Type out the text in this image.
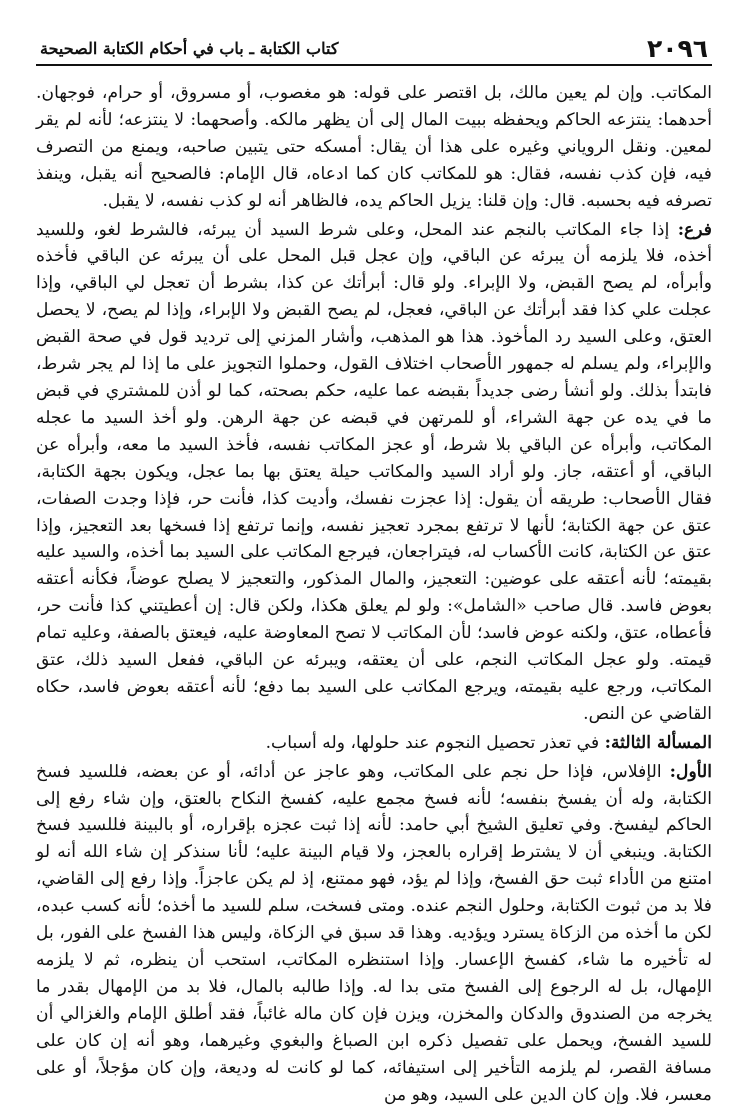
٢٠٩٦
كتاب الكتابة ـ باب في أحكام الكتابة الصحيحة

المكاتب. وإن لم يعين مالك، بل اقتصر على قوله: هو مغصوب، أو مسروق، أو حرام، فوجهان. أحدهما: ينتزعه الحاكم ويحفظه ببيت المال إلى أن يظهر مالكه. وأصحهما: لا ينتزعه؛ لأنه لم يقر لمعين. ونقل الروياني وغيره على هذا أن يقال: أمسكه حتى يتبين صاحبه، ويمنع من التصرف فيه، فإن كذب نفسه، فقال: هو للمكاتب كان كما ادعاه، قال الإمام: فالصحيح أنه يقبل، وينفذ تصرفه فيه بحسبه. قال: وإن قلنا: يزيل الحاكم يده، فالظاهر أنه لو كذب نفسه، لا يقبل.

فرع: إذا جاء المكاتب بالنجم عند المحل، وعلى شرط السيد أن يبرئه، فالشرط لغو، وللسيد أخذه، فلا يلزمه أن يبرئه عن الباقي، وإن عجل قبل المحل على أن يبرئه عن الباقي فأخذه وأبرأه، لم يصح القبض، ولا الإبراء. ولو قال: أبرأتك عن كذا، بشرط أن تعجل لي الباقي، وإذا عجلت علي كذا فقد أبرأتك عن الباقي، فعجل، لم يصح القبض ولا الإبراء، وإذا لم يصح، لا يحصل العتق، وعلى السيد رد المأخوذ. هذا هو المذهب، وأشار المزني إلى ترديد قول في صحة القبض والإبراء، ولم يسلم له جمهور الأصحاب اختلاف القول، وحملوا التجويز على ما إذا لم يجر شرط، فابتدأ بذلك. ولو أنشأ رضى جديداً بقبضه عما عليه، حكم بصحته، كما لو أذن للمشتري في قبض ما في يده عن جهة الشراء، أو للمرتهن في قبضه عن جهة الرهن. ولو أخذ السيد ما عجله المكاتب، وأبرأه عن الباقي بلا شرط، أو عجز المكاتب نفسه، فأخذ السيد ما معه، وأبرأه عن الباقي، أو أعتقه، جاز. ولو أراد السيد والمكاتب حيلة يعتق بها بما عجل، ويكون بجهة الكتابة، فقال الأصحاب: طريقه أن يقول: إذا عجزت نفسك، وأديت كذا، فأنت حر، فإذا وجدت الصفات، عتق عن جهة الكتابة؛ لأنها لا ترتفع بمجرد تعجيز نفسه، وإنما ترتفع إذا فسخها بعد التعجيز، وإذا عتق عن الكتابة، كانت الأكساب له، فيتراجعان، فيرجع المكاتب على السيد بما أخذه، والسيد عليه بقيمته؛ لأنه أعتقه على عوضين: التعجيز، والمال المذكور، والتعجيز لا يصلح عوضاً، فكأنه أعتقه بعوض فاسد. قال صاحب «الشامل»: ولو لم يعلق هكذا، ولكن قال: إن أعطيتني كذا فأنت حر، فأعطاه، عتق، ولكنه عوض فاسد؛ لأن المكاتب لا تصح المعاوضة عليه، فيعتق بالصفة، وعليه تمام قيمته. ولو عجل المكاتب النجم، على أن يعتقه، ويبرئه عن الباقي، ففعل السيد ذلك، عتق المكاتب، ورجع عليه بقيمته، ويرجع المكاتب على السيد بما دفع؛ لأنه أعتقه بعوض فاسد، حكاه القاضي عن النص.

المسألة الثالثة: في تعذر تحصيل النجوم عند حلولها، وله أسباب.

الأول: الإفلاس، فإذا حل نجم على المكاتب، وهو عاجز عن أدائه، أو عن بعضه، فللسيد فسخ الكتابة، وله أن يفسخ بنفسه؛ لأنه فسخ مجمع عليه، كفسخ النكاح بالعتق، وإن شاء رفع إلى الحاكم ليفسخ. وفي تعليق الشيخ أبي حامد: لأنه إذا ثبت عجزه بإقراره، أو بالبينة فللسيد فسخ الكتابة. وينبغي أن لا يشترط إقراره بالعجز، ولا قيام البينة عليه؛ لأنا سنذكر إن شاء الله أنه لو امتنع من الأداء ثبت حق الفسخ، وإذا لم يؤد، فهو ممتنع، إذ لم يكن عاجزاً. وإذا رفع إلى القاضي، فلا بد من ثبوت الكتابة، وحلول النجم عنده. ومتى فسخت، سلم للسيد ما أخذه؛ لأنه كسب عبده، لكن ما أخذه من الزكاة يسترد ويؤديه. وهذا قد سبق في الزكاة، وليس هذا الفسخ على الفور، بل له تأخيره ما شاء، كفسخ الإعسار. وإذا استنظره المكاتب، استحب أن ينظره، ثم لا يلزمه الإمهال، بل له الرجوع إلى الفسخ متى بدا له. وإذا طالبه بالمال، فلا بد من الإمهال بقدر ما يخرجه من الصندوق والدكان والمخزن، ويزن فإن كان ماله غائباً، فقد أطلق الإمام والغزالي أن للسيد الفسخ، ويحمل على تفصيل ذكره ابن الصباغ والبغوي وغيرهما، وهو أنه إن كان على مسافة القصر، لم يلزمه التأخير إلى استيفائه، كما لو كانت له وديعة، وإن كان مؤجلاً، أو على معسر، فلا. وإن كان الدين على السيد، وهو من
